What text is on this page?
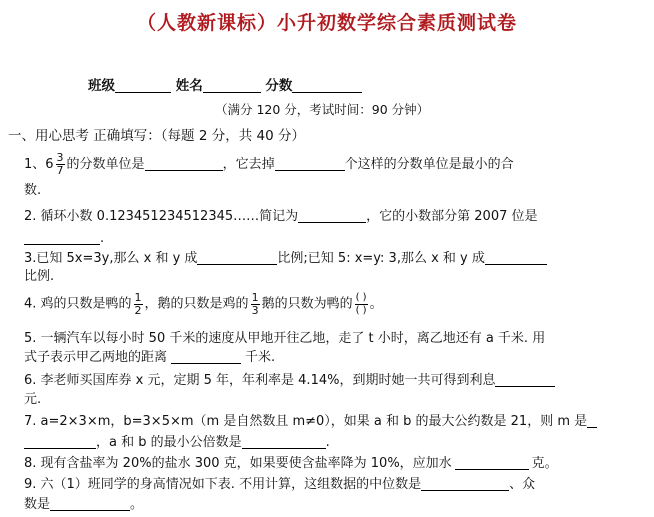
（人教新课标）小升初数学综合素质测试卷
班级	姓名	分数
（满分 120 分，考试时间：90 分钟）
一、用心思考 正确填写：（每题 2 分，共 40 分）
1、$6 \frac{3}{7}$ 的分数单位是	，它去掉	个这样的分数单位是最小的合
数.
2. 循环小数 0.123451234512345……简记为	，它的小数部分第 2007 位是
.
3.已知 5x=3y,那么 x 和 y 成	比例;已知 5: x=y: 3,那么 x 和 y 成
比例.
4. 鸡的只数是鸭的 $\frac{1}{2}$ ，鹅的只数是鸡的 $\frac{1}{3}$ 鹅的只数为鸭的 $\frac{( )}{( )}$ 。
5. 一辆汽车以每小时 50 千米的速度从甲地开往乙地，走了 t 小时，离乙地还有 a 千米. 用
式子表示甲乙两地的距离	千米.
6. 李老师买国库券 x 元，定期 5 年，年利率是 4.14%，到期时她一共可得到利息
元.
7. a=2×3×m，b=3×5×m（m 是自然数且 m≠0），如果 a 和 b 的最大公约数是 21，则 m 是
，a 和 b 的最小公倍数是	.
8. 现有含盐率为 20%的盐水 300 克，如果要使含盐率降为 10%，应加水	克。
9. 六（1）班同学的身高情况如下表. 不用计算，这组数据的中位数是	、众
数是	。
